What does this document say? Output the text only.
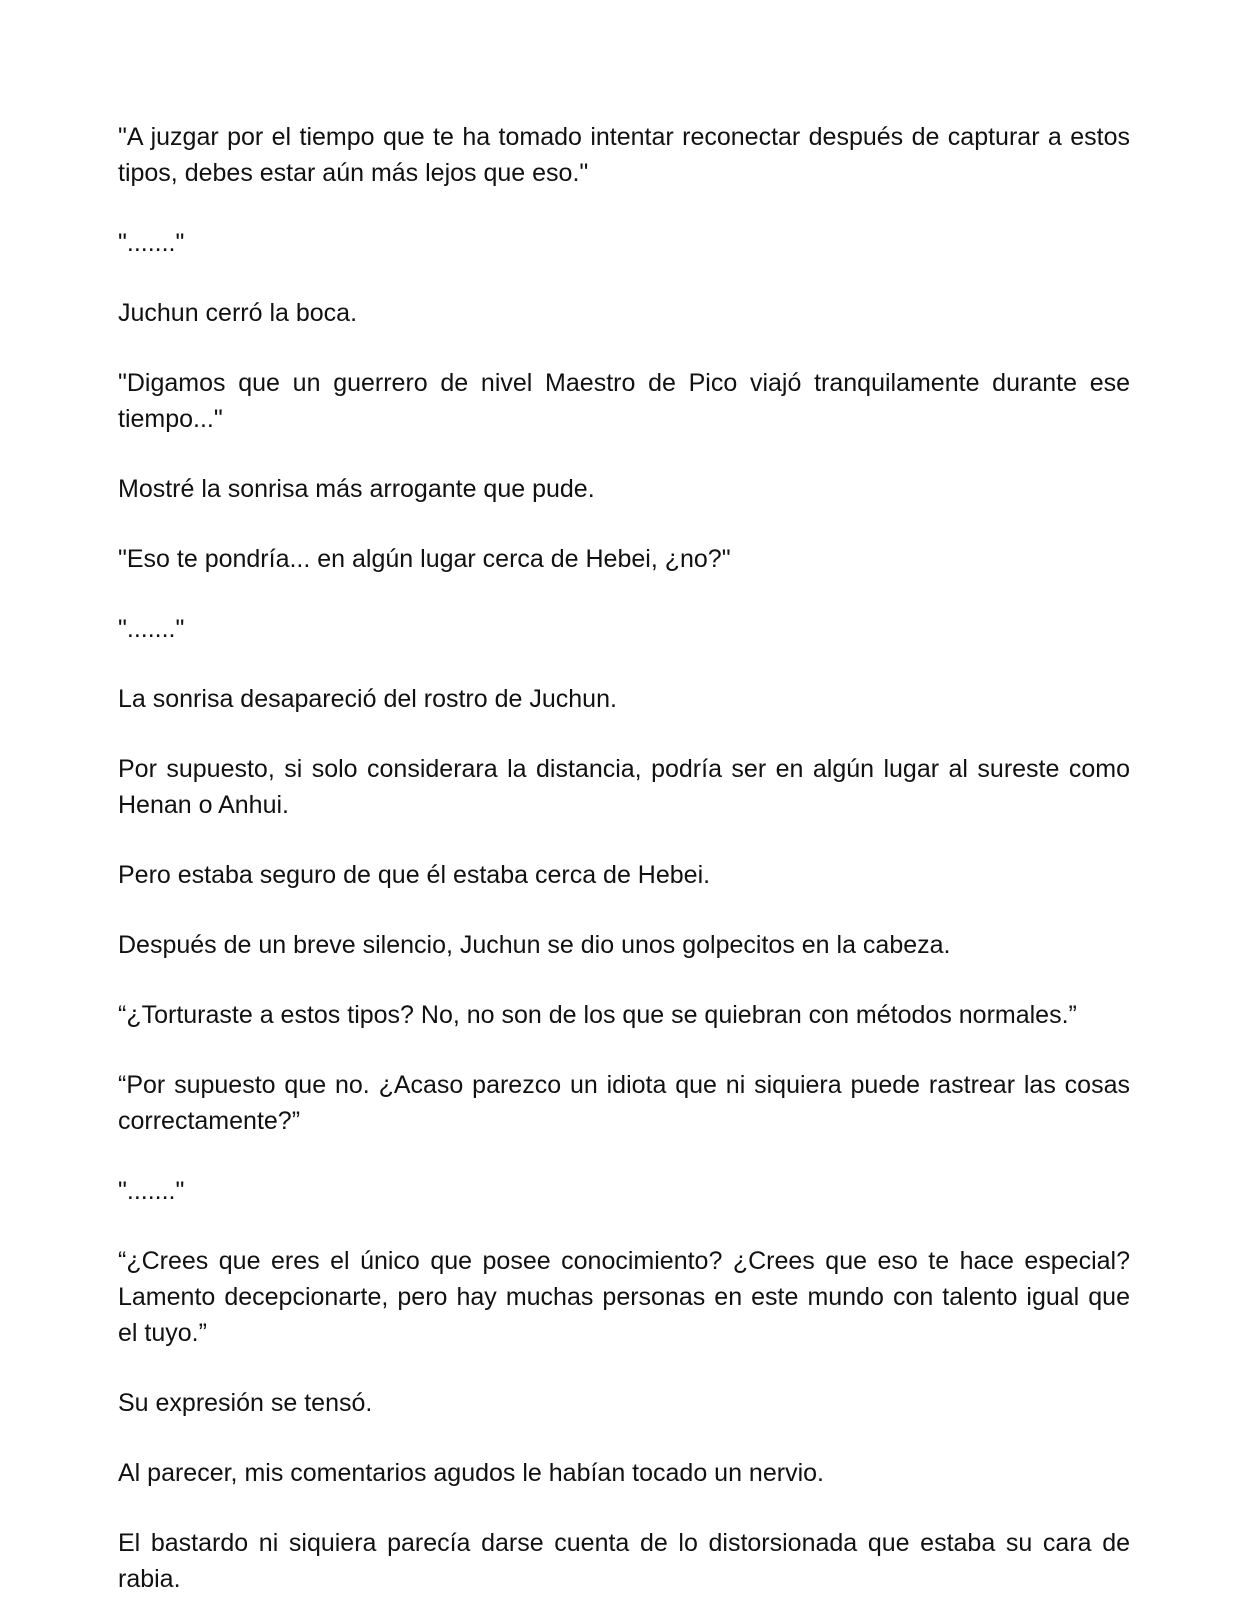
"A juzgar por el tiempo que te ha tomado intentar reconectar después de capturar a estos tipos, debes estar aún más lejos que eso."

"......."

Juchun cerró la boca.

"Digamos que un guerrero de nivel Maestro de Pico viajó tranquilamente durante ese tiempo..."

Mostré la sonrisa más arrogante que pude.

"Eso te pondría... en algún lugar cerca de Hebei, ¿no?"

"......."

La sonrisa desapareció del rostro de Juchun.

Por supuesto, si solo considerara la distancia, podría ser en algún lugar al sureste como Henan o Anhui.

Pero estaba seguro de que él estaba cerca de Hebei.

Después de un breve silencio, Juchun se dio unos golpecitos en la cabeza.

“¿Torturaste a estos tipos? No, no son de los que se quiebran con métodos normales.”

“Por supuesto que no. ¿Acaso parezco un idiota que ni siquiera puede rastrear las cosas correctamente?”

"......."

“¿Crees que eres el único que posee conocimiento? ¿Crees que eso te hace especial? Lamento decepcionarte, pero hay muchas personas en este mundo con talento igual que el tuyo.”

Su expresión se tensó.

Al parecer, mis comentarios agudos le habían tocado un nervio.

El bastardo ni siquiera parecía darse cuenta de lo distorsionada que estaba su cara de rabia.
